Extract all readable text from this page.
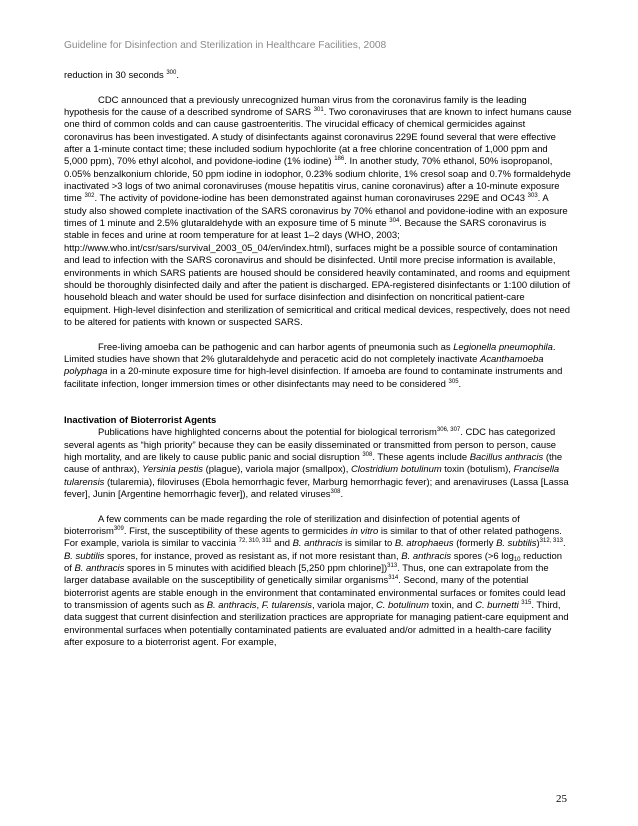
Guideline for Disinfection and Sterilization in Healthcare Facilities, 2008

reduction in 30 seconds $^{300}$.

CDC announced that a previously unrecognized human virus from the coronavirus family is the leading hypothesis for the cause of a described syndrome of SARS $^{301}$. Two coronaviruses that are known to infect humans cause one third of common colds and can cause gastroenteritis. The virucidal efficacy of chemical germicides against coronavirus has been investigated. A study of disinfectants against coronavirus 229E found several that were effective after a 1-minute contact time; these included sodium hypochlorite (at a free chlorine concentration of 1,000 ppm and 5,000 ppm), 70% ethyl alcohol, and povidone-iodine (1% iodine) $^{186}$. In another study, 70% ethanol, 50% isopropanol, 0.05% benzalkonium chloride, 50 ppm iodine in iodophor, 0.23% sodium chlorite, 1% cresol soap and 0.7% formaldehyde inactivated >3 logs of two animal coronaviruses (mouse hepatitis virus, canine coronavirus) after a 10-minute exposure time $^{302}$. The activity of povidone-iodine has been demonstrated against human coronaviruses 229E and OC43 $^{303}$. A study also showed complete inactivation of the SARS coronavirus by 70% ethanol and povidone-iodine with an exposure times of 1 minute and 2.5% glutaraldehyde with an exposure time of 5 minute $^{304}$. Because the SARS coronavirus is stable in feces and urine at room temperature for at least 1–2 days (WHO, 2003; http://www.who.int/csr/sars/survival_2003_05_04/en/index.html), surfaces might be a possible source of contamination and lead to infection with the SARS coronavirus and should be disinfected. Until more precise information is available, environments in which SARS patients are housed should be considered heavily contaminated, and rooms and equipment should be thoroughly disinfected daily and after the patient is discharged. EPA-registered disinfectants or 1:100 dilution of household bleach and water should be used for surface disinfection and disinfection on noncritical patient-care equipment. High-level disinfection and sterilization of semicritical and critical medical devices, respectively, does not need to be altered for patients with known or suspected SARS.

Free-living amoeba can be pathogenic and can harbor agents of pneumonia such as Legionella pneumophila. Limited studies have shown that 2% glutaraldehyde and peracetic acid do not completely inactivate Acanthamoeba polyphaga in a 20-minute exposure time for high-level disinfection. If amoeba are found to contaminate instruments and facilitate infection, longer immersion times or other disinfectants may need to be considered $^{305}$.

Inactivation of Bioterrorist Agents

Publications have highlighted concerns about the potential for biological terrorism$^{306, 307}$. CDC has categorized several agents as “high priority” because they can be easily disseminated or transmitted from person to person, cause high mortality, and are likely to cause public panic and social disruption $^{308}$. These agents include Bacillus anthracis (the cause of anthrax), Yersinia pestis (plague), variola major (smallpox), Clostridium botulinum toxin (botulism), Francisella tularensis (tularemia), filoviruses (Ebola hemorrhagic fever, Marburg hemorrhagic fever); and arenaviruses (Lassa [Lassa fever], Junin [Argentine hemorrhagic fever]), and related viruses$^{308}$.

A few comments can be made regarding the role of sterilization and disinfection of potential agents of bioterrorism$^{309}$. First, the susceptibility of these agents to germicides in vitro is similar to that of other related pathogens. For example, variola is similar to vaccinia $^{72, 310, 311}$ and B. anthracis is similar to B. atrophaeus (formerly B. subtilis)$^{312, 313}$. B. subtilis spores, for instance, proved as resistant as, if not more resistant than, B. anthracis spores (>6 $\log_{10}$ reduction of B. anthracis spores in 5 minutes with acidified bleach [5,250 ppm chlorine])$^{313}$. Thus, one can extrapolate from the larger database available on the susceptibility of genetically similar organisms$^{314}$. Second, many of the potential bioterrorist agents are stable enough in the environment that contaminated environmental surfaces or fomites could lead to transmission of agents such as B. anthracis, F. tularensis, variola major, C. botulinum toxin, and C. burnetti $^{315}$. Third, data suggest that current disinfection and sterilization practices are appropriate for managing patient-care equipment and environmental surfaces when potentially contaminated patients are evaluated and/or admitted in a health-care facility after exposure to a bioterrorist agent. For example,

25
